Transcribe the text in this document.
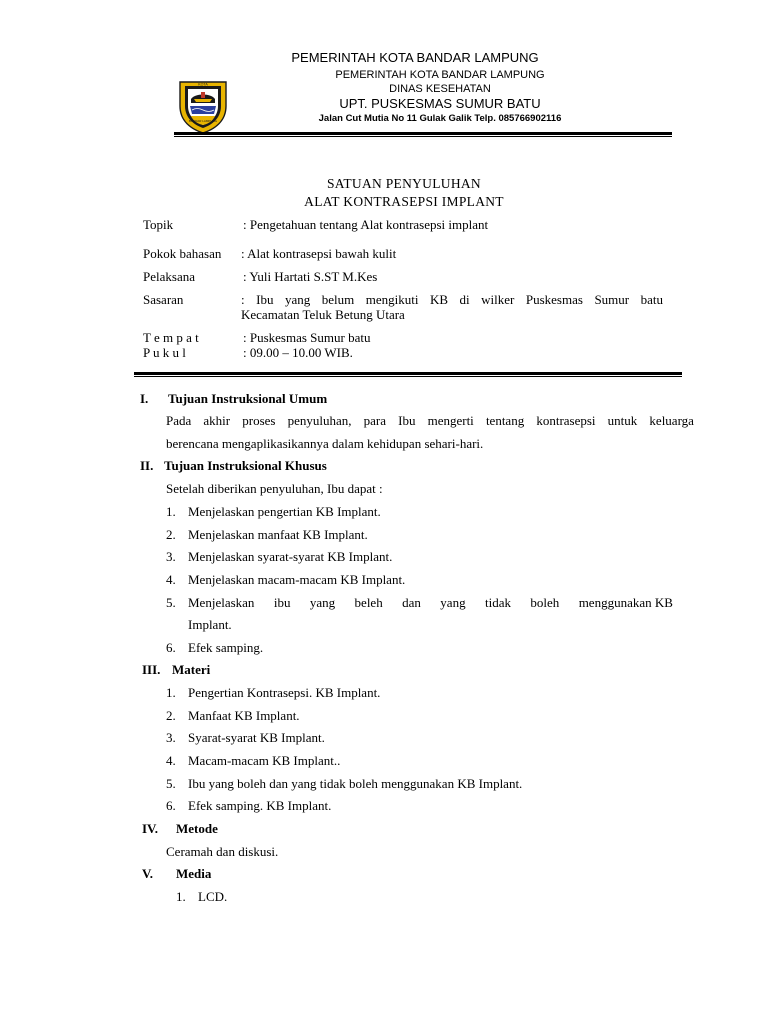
PEMERINTAH KOTA BANDAR LAMPUNG
PEMERINTAH KOTA BANDAR LAMPUNG
DINAS KESEHATAN
UPT. PUSKESMAS SUMUR BATU
Jalan Cut Mutia No 11 Gulak Galik Telp. 085766902116
KOTA
BANDAR LAMPUNG
SATUAN PENYULUHAN
ALAT KONTRASEPSI IMPLANT
Topik	: Pengetahuan tentang Alat kontrasepsi implant
Pokok bahasan : Alat kontrasepsi bawah kulit
Pelaksana	: Yuli Hartati S.ST M.Kes
Sasaran	: Ibu yang belum mengikuti KB di wilker Puskesmas Sumur batu
Kecamatan Teluk Betung Utara
T e m p a t	: Puskesmas Sumur batu
P u k u l	: 09.00 – 10.00 WIB.
I. Tujuan Instruksional Umum
Pada akhir proses penyuluhan, para Ibu mengerti tentang kontrasepsi untuk keluarga
berencana mengaplikasikannya dalam kehidupan sehari-hari.
II. Tujuan Instruksional Khusus
Setelah diberikan penyuluhan, Ibu dapat :
1. Menjelaskan pengertian KB Implant.
2. Menjelaskan manfaat KB Implant.
3. Menjelaskan syarat-syarat KB Implant.
4. Menjelaskan macam-macam KB Implant.
5. Menjelaskan ibu yang beleh dan yang tidak boleh menggunakan KB
Implant.
6. Efek samping.
III. Materi
1. Pengertian Kontrasepsi. KB Implant.
2. Manfaat KB Implant.
3. Syarat-syarat KB Implant.
4. Macam-macam KB Implant..
5. Ibu yang boleh dan yang tidak boleh menggunakan KB Implant.
6. Efek samping. KB Implant.
IV. Metode
Ceramah dan diskusi.
V. Media
1. LCD.
